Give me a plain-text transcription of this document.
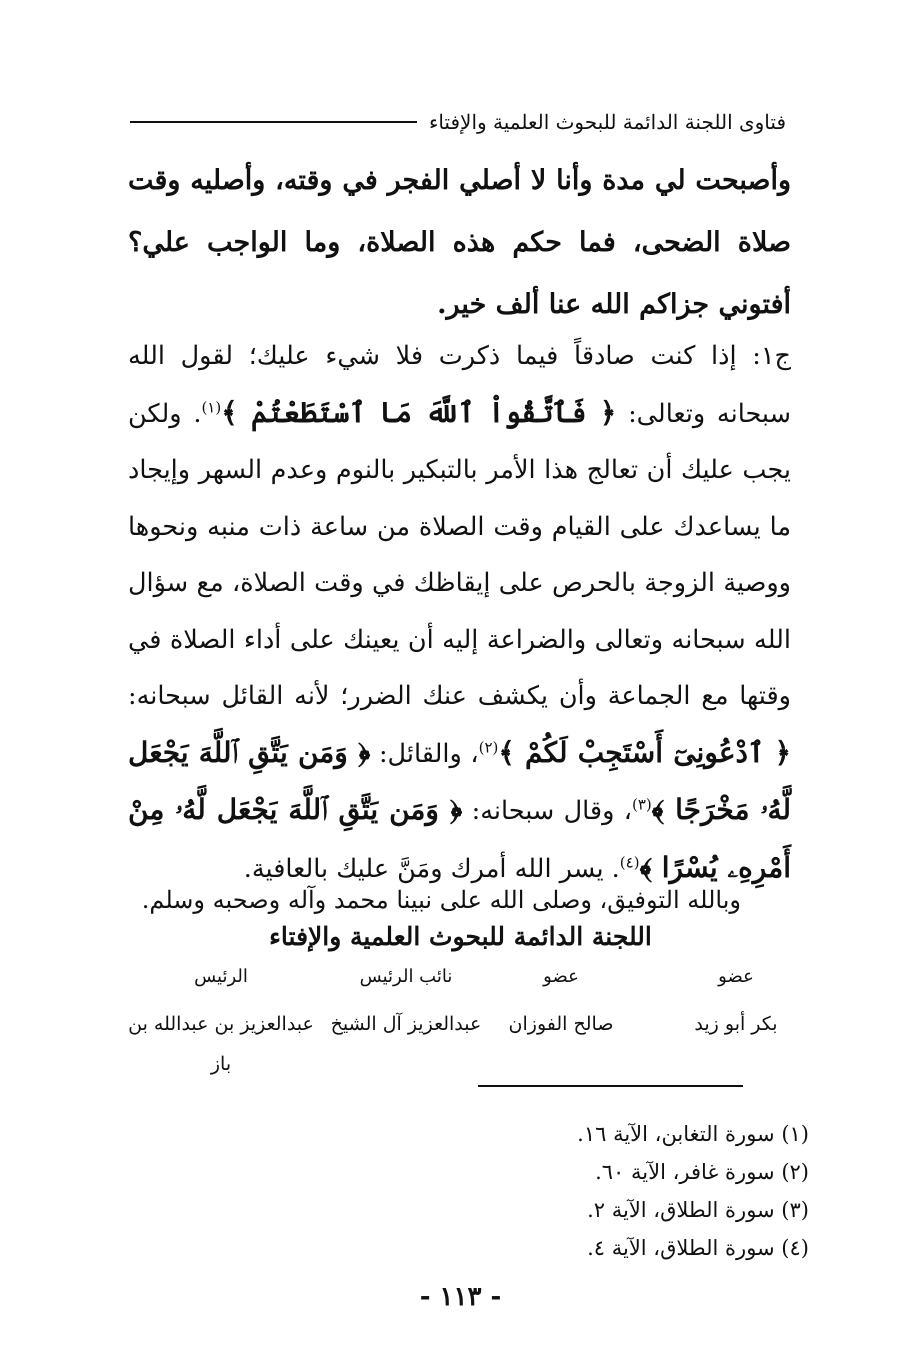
فتاوى اللجنة الدائمة للبحوث العلمية والإفتاء

وأصبحت لي مدة وأنا لا أصلي الفجر في وقته، وأصليه وقت صلاة الضحى، فما حكم هذه الصلاة، وما الواجب علي؟ أفتوني جزاكم الله عنا ألف خير.

ج١: إذا كنت صادقاً فيما ذكرت فلا شيء عليك؛ لقول الله سبحانه وتعالى: ﴿ فَٱتَّقُواْ ٱللَّهَ مَا ٱسْتَطَعْتُمْ ﴾$^{(١)}$. ولكن يجب عليك أن تعالج هذا الأمر بالتبكير بالنوم وعدم السهر وإيجاد ما يساعدك على القيام وقت الصلاة من ساعة ذات منبه ونحوها ووصية الزوجة بالحرص على إيقاظك في وقت الصلاة، مع سؤال الله سبحانه وتعالى والضراعة إليه أن يعينك على أداء الصلاة في وقتها مع الجماعة وأن يكشف عنك الضرر؛ لأنه القائل سبحانه: ﴿ ٱدْعُونِىٓ أَسْتَجِبْ لَكُمْ ﴾$^{(٢)}$، والقائل: ﴿ وَمَن يَتَّقِ ٱللَّهَ يَجْعَل لَّهُۥ مَخْرَجًا ﴾$^{(٣)}$، وقال سبحانه: ﴿ وَمَن يَتَّقِ ٱللَّهَ يَجْعَل لَّهُۥ مِنْ أَمْرِهِۦ يُسْرًا ﴾$^{(٤)}$. يسر الله أمرك ومَنَّ عليك بالعافية.

وبالله التوفيق، وصلى الله على نبينا محمد وآله وصحبه وسلم.
اللجنة الدائمة للبحوث العلمية والإفتاء
عضو
بكر أبو زيد
عضو
صالح الفوزان
نائب الرئيس
عبدالعزيز آل الشيخ
الرئيس
عبدالعزيز بن عبدالله بن باز
(١) سورة التغابن، الآية ١٦.
(٢) سورة غافر، الآية ٦٠.
(٣) سورة الطلاق، الآية ٢.
(٤) سورة الطلاق، الآية ٤.
- ١١٣ -
